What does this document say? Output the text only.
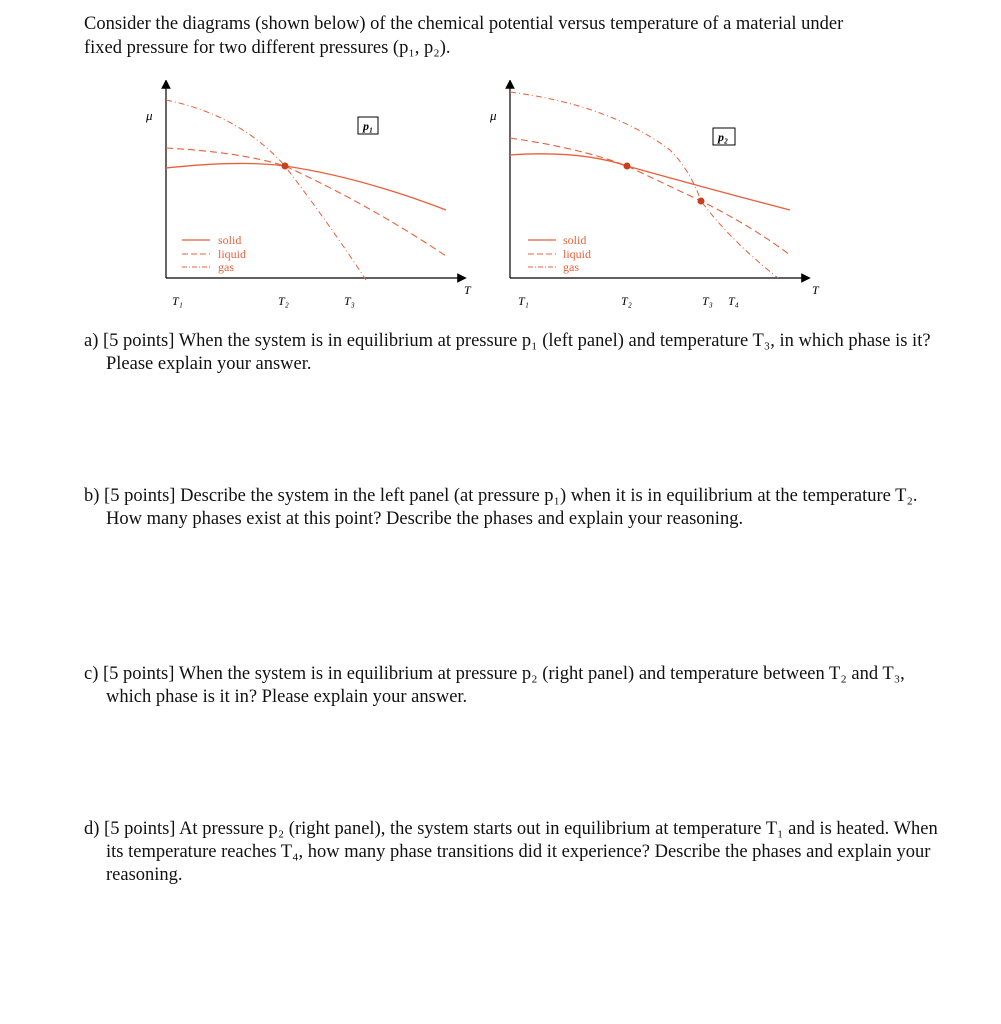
Consider the diagrams (shown below) of the chemical potential versus temperature of a material under
fixed pressure for two different pressures (p₁, p₂).
μ
T
p₁
solid
liquid
gas
T₁	T₂	T₃
μ
T
p₂
solid
liquid
gas
T₁	T₂	T₃ T₄
a) [5 points] When the system is in equilibrium at pressure p₁ (left panel) and temperature T₃, in which phase is it? Please explain your answer.
b) [5 points] Describe the system in the left panel (at pressure p₁) when it is in equilibrium at the temperature T₂. How many phases exist at this point? Describe the phases and explain your reasoning.
c) [5 points] When the system is in equilibrium at pressure p₂ (right panel) and temperature between T₂ and T₃, which phase is it in? Please explain your answer.
d) [5 points] At pressure p₂ (right panel), the system starts out in equilibrium at temperature T₁ and is heated. When its temperature reaches T₄, how many phase transitions did it experience? Describe the phases and explain your reasoning.
